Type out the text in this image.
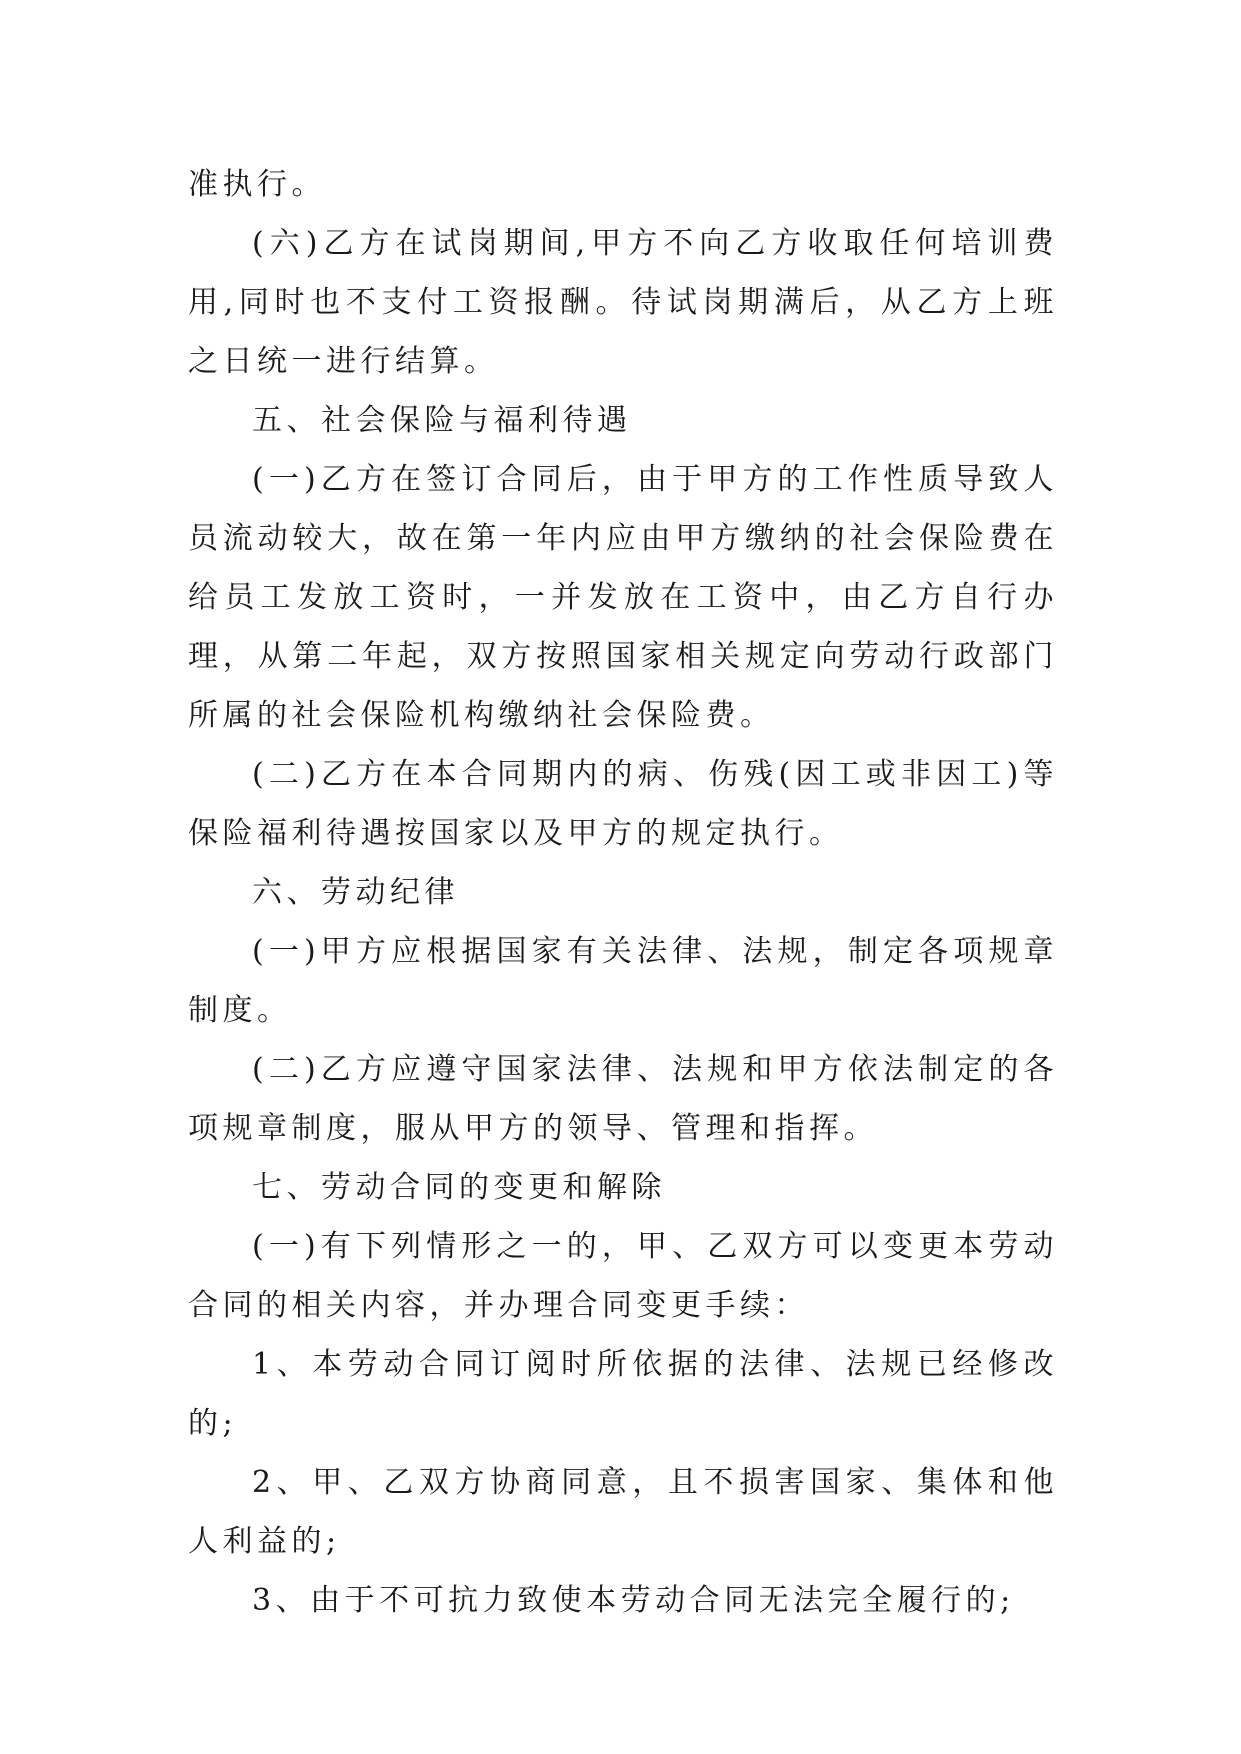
准执行。

(六)乙方在试岗期间,甲方不向乙方收取任何培训费用,同时也不支付工资报酬。待试岗期满后，从乙方上班之日统一进行结算。

五、社会保险与福利待遇

(一)乙方在签订合同后，由于甲方的工作性质导致人员流动较大，故在第一年内应由甲方缴纳的社会保险费在给员工发放工资时，一并发放在工资中，由乙方自行办理，从第二年起，双方按照国家相关规定向劳动行政部门所属的社会保险机构缴纳社会保险费。

(二)乙方在本合同期内的病、伤残(因工或非因工)等保险福利待遇按国家以及甲方的规定执行。

六、劳动纪律

(一)甲方应根据国家有关法律、法规，制定各项规章制度。

(二)乙方应遵守国家法律、法规和甲方依法制定的各项规章制度，服从甲方的领导、管理和指挥。

七、劳动合同的变更和解除

(一)有下列情形之一的，甲、乙双方可以变更本劳动合同的相关内容，并办理合同变更手续：

1、本劳动合同订阅时所依据的法律、法规已经修改的;

2、甲、乙双方协商同意，且不损害国家、集体和他人利益的;

3、由于不可抗力致使本劳动合同无法完全履行的;
